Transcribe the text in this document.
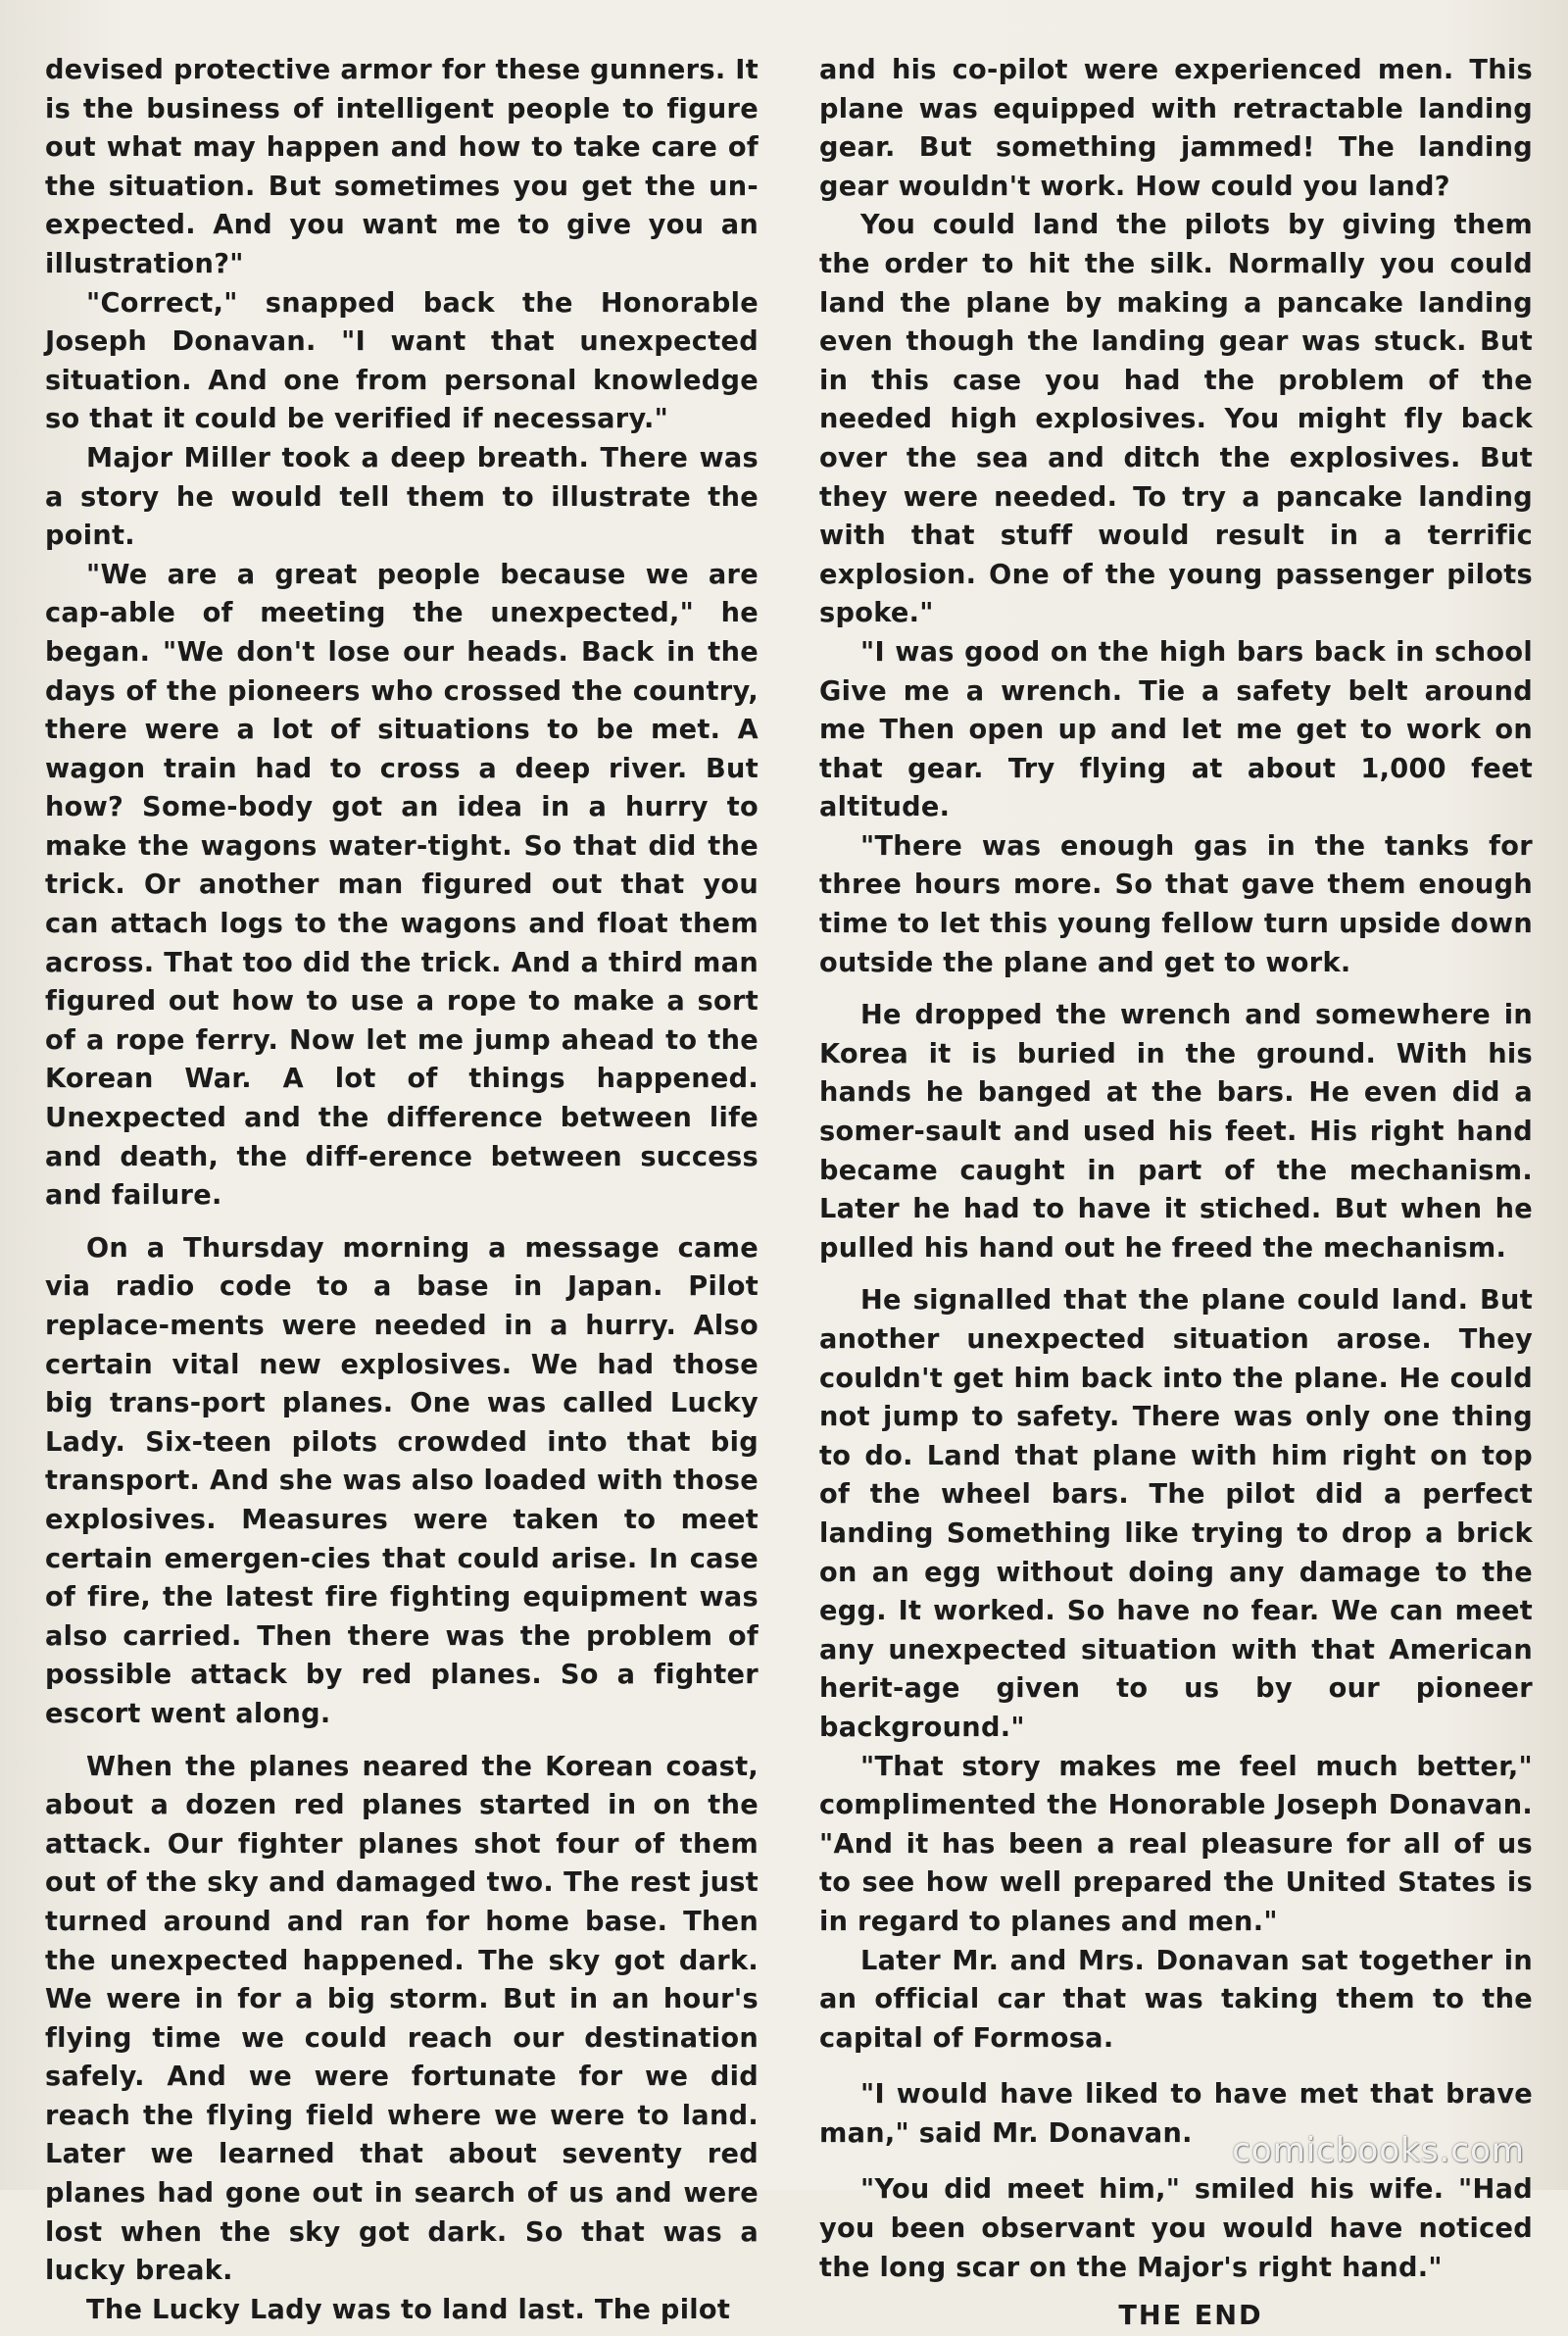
devised protective armor for these gunners. It is the business of intelligent people to figure out what may happen and how to take care of the situation. But sometimes you get the un-expected. And you want me to give you an illustration?"

"Correct," snapped back the Honorable Joseph Donavan. "I want that unexpected situation. And one from personal knowledge so that it could be verified if necessary."

Major Miller took a deep breath. There was a story he would tell them to illustrate the point.

"We are a great people because we are cap-able of meeting the unexpected," he began. "We don't lose our heads. Back in the days of the pioneers who crossed the country, there were a lot of situations to be met. A wagon train had to cross a deep river. But how? Some-body got an idea in a hurry to make the wagons water-tight. So that did the trick. Or another man figured out that you can attach logs to the wagons and float them across. That too did the trick. And a third man figured out how to use a rope to make a sort of a rope ferry. Now let me jump ahead to the Korean War. A lot of things happened. Unexpected and the difference between life and death, the diff-erence between success and failure.

On a Thursday morning a message came via radio code to a base in Japan. Pilot replace-ments were needed in a hurry. Also certain vital new explosives. We had those big trans-port planes. One was called Lucky Lady. Six-teen pilots crowded into that big transport. And she was also loaded with those explosives. Measures were taken to meet certain emergen-cies that could arise. In case of fire, the latest fire fighting equipment was also carried. Then there was the problem of possible attack by red planes. So a fighter escort went along.

When the planes neared the Korean coast, about a dozen red planes started in on the attack. Our fighter planes shot four of them out of the sky and damaged two. The rest just turned around and ran for home base. Then the unexpected happened. The sky got dark. We were in for a big storm. But in an hour's flying time we could reach our destination safely. And we were fortunate for we did reach the flying field where we were to land. Later we learned that about seventy red planes had gone out in search of us and were lost when the sky got dark. So that was a lucky break.

The Lucky Lady was to land last. The pilot

and his co-pilot were experienced men. This plane was equipped with retractable landing gear. But something jammed! The landing gear wouldn't work. How could you land?

You could land the pilots by giving them the order to hit the silk. Normally you could land the plane by making a pancake landing even though the landing gear was stuck. But in this case you had the problem of the needed high explosives. You might fly back over the sea and ditch the explosives. But they were needed. To try a pancake landing with that stuff would result in a terrific explosion. One of the young passenger pilots spoke."

"I was good on the high bars back in school Give me a wrench. Tie a safety belt around me Then open up and let me get to work on that gear. Try flying at about 1,000 feet altitude.

"There was enough gas in the tanks for three hours more. So that gave them enough time to let this young fellow turn upside down outside the plane and get to work.

He dropped the wrench and somewhere in Korea it is buried in the ground. With his hands he banged at the bars. He even did a somer-sault and used his feet. His right hand became caught in part of the mechanism. Later he had to have it stiched. But when he pulled his hand out he freed the mechanism.

He signalled that the plane could land. But another unexpected situation arose. They couldn't get him back into the plane. He could not jump to safety. There was only one thing to do. Land that plane with him right on top of the wheel bars. The pilot did a perfect landing Something like trying to drop a brick on an egg without doing any damage to the egg. It worked. So have no fear. We can meet any unexpected situation with that American herit-age given to us by our pioneer background."

"That story makes me feel much better," complimented the Honorable Joseph Donavan. "And it has been a real pleasure for all of us to see how well prepared the United States is in regard to planes and men."

Later Mr. and Mrs. Donavan sat together in an official car that was taking them to the capital of Formosa.

"I would have liked to have met that brave man," said Mr. Donavan.

"You did meet him," smiled his wife. "Had you been observant you would have noticed the long scar on the Major's right hand."

THE END
comicbooks.com
